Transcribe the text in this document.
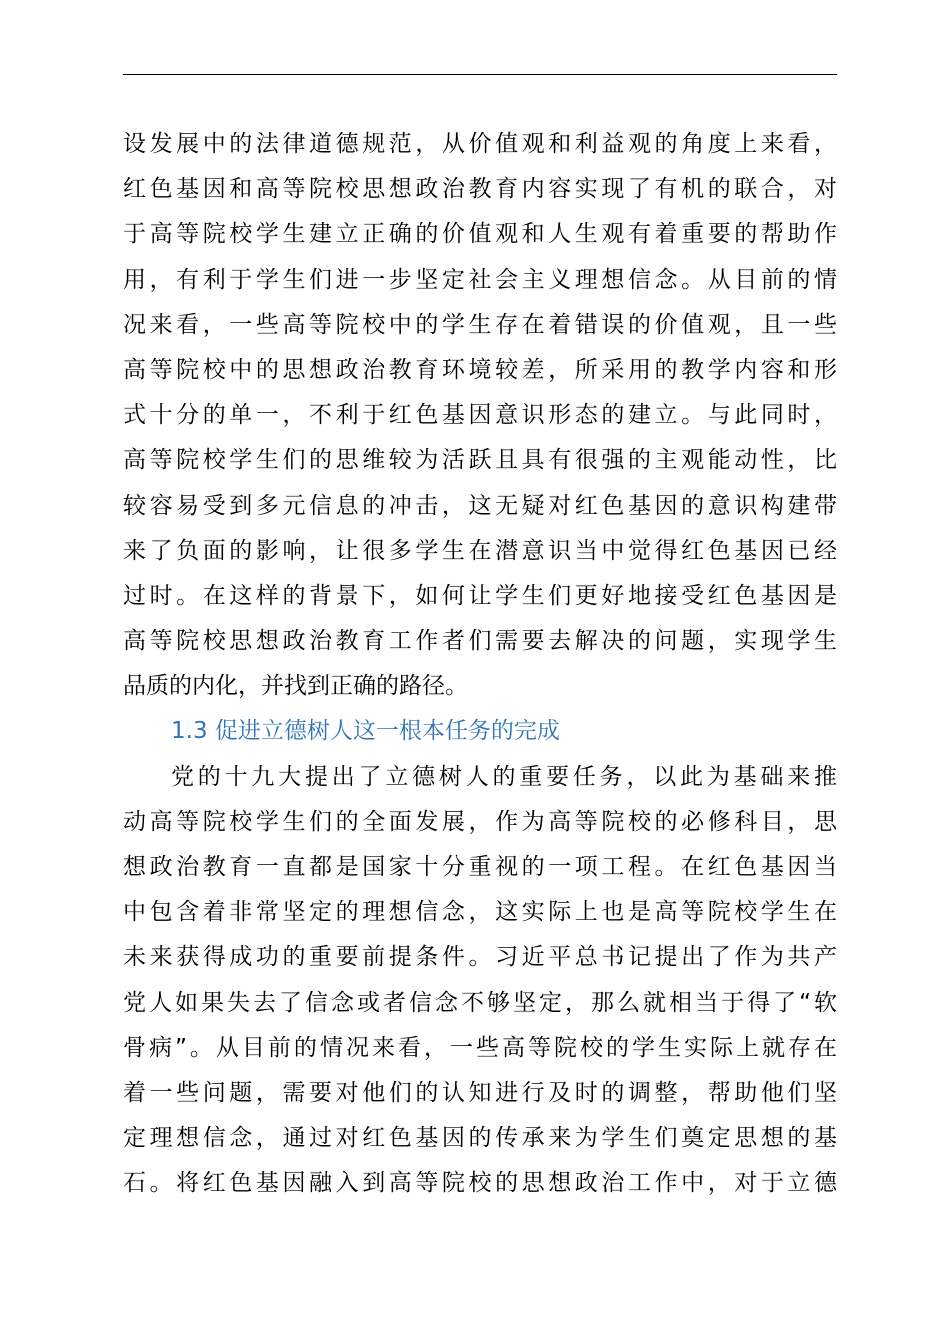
设发展中的法律道德规范，从价值观和利益观的角度上来看，
红色基因和高等院校思想政治教育内容实现了有机的联合，对
于高等院校学生建立正确的价值观和人生观有着重要的帮助作
用，有利于学生们进一步坚定社会主义理想信念。从目前的情
况来看，一些高等院校中的学生存在着错误的价值观，且一些
高等院校中的思想政治教育环境较差，所采用的教学内容和形
式十分的单一，不利于红色基因意识形态的建立。与此同时，
高等院校学生们的思维较为活跃且具有很强的主观能动性，比
较容易受到多元信息的冲击，这无疑对红色基因的意识构建带
来了负面的影响，让很多学生在潜意识当中觉得红色基因已经
过时。在这样的背景下，如何让学生们更好地接受红色基因是
高等院校思想政治教育工作者们需要去解决的问题，实现学生
品质的内化，并找到正确的路径。
1.3 促进立德树人这一根本任务的完成
党的十九大提出了立德树人的重要任务，以此为基础来推
动高等院校学生们的全面发展，作为高等院校的必修科目，思
想政治教育一直都是国家十分重视的一项工程。在红色基因当
中包含着非常坚定的理想信念，这实际上也是高等院校学生在
未来获得成功的重要前提条件。习近平总书记提出了作为共产
党人如果失去了信念或者信念不够坚定，那么就相当于得了“软
骨病”。从目前的情况来看，一些高等院校的学生实际上就存在
着一些问题，需要对他们的认知进行及时的调整，帮助他们坚
定理想信念，通过对红色基因的传承来为学生们奠定思想的基
石。将红色基因融入到高等院校的思想政治工作中，对于立德
